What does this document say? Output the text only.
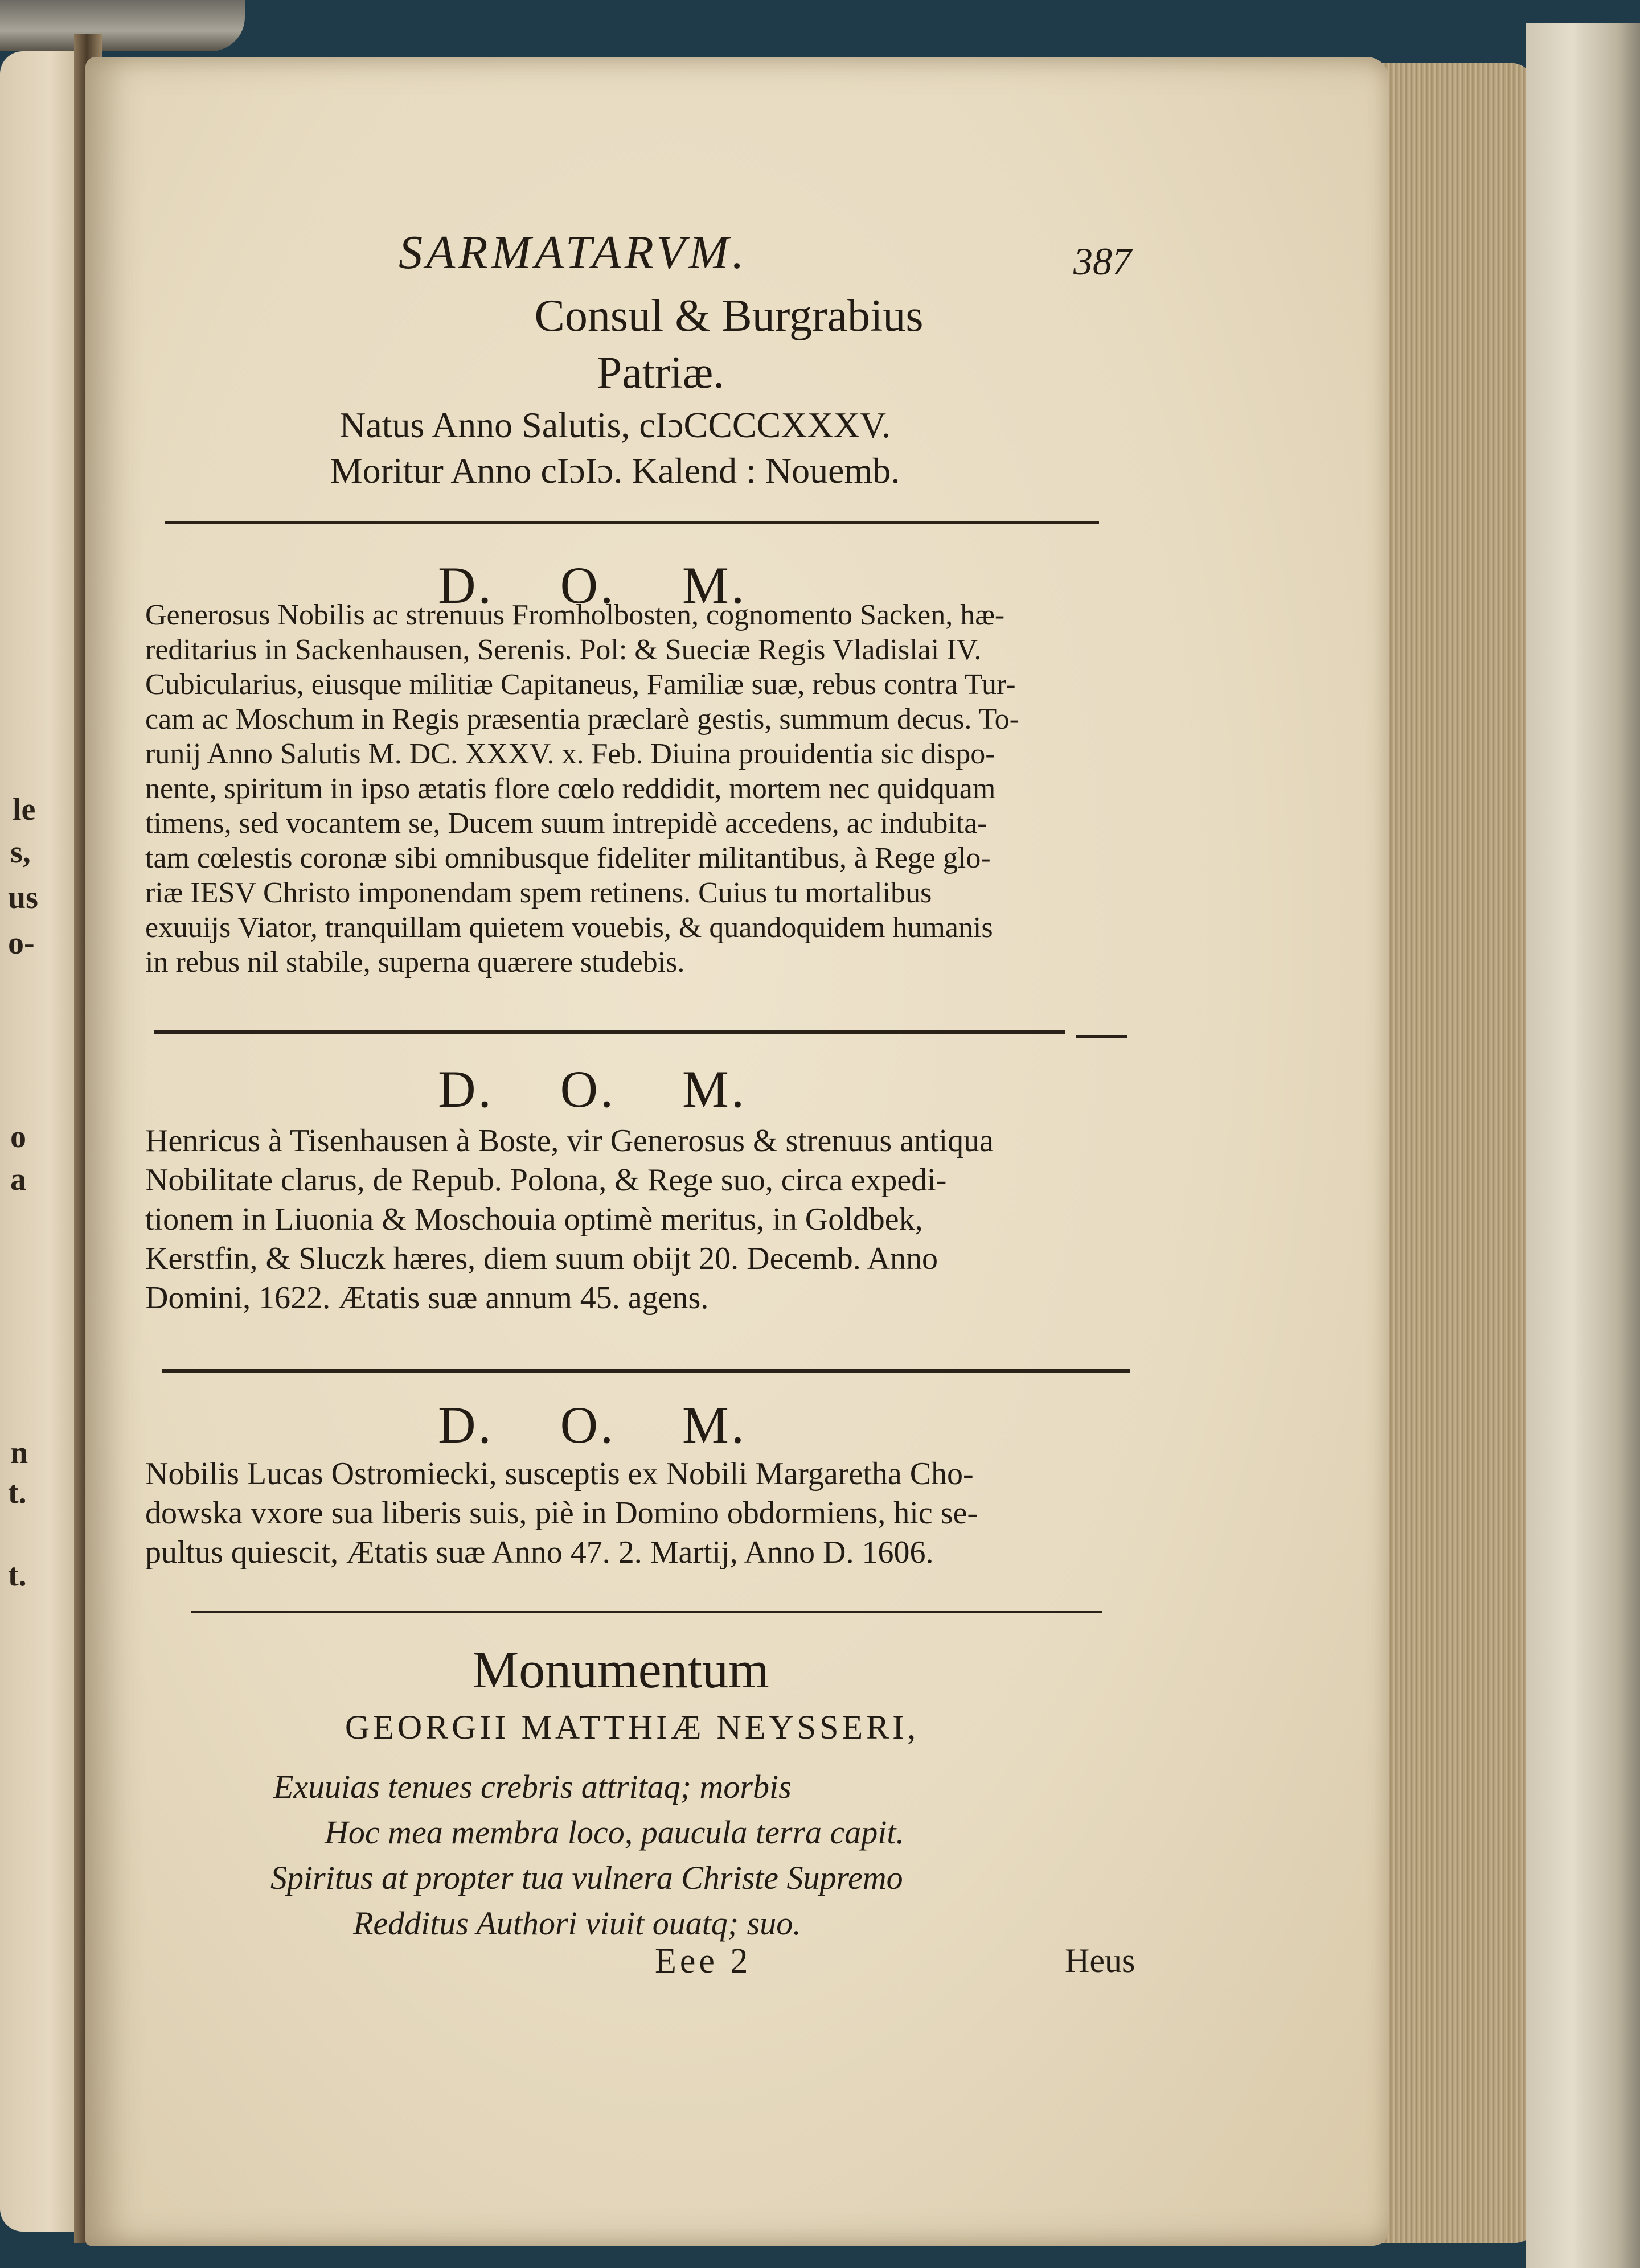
le
s,
us
o-
o
a
n
t.
t.
SARMATARVM.	387
Consul & Burgrabius
Patriæ.
Natus Anno Salutis, cIɔCCCCXXXV.
Moritur Anno cIɔIɔ. Kalend : Nouemb.
D. O. M.
Generosus Nobilis ac strenuus Fromholbosten, cognomento Sacken, hæ-
reditarius in Sackenhausen, Serenis. Pol: & Sueciæ Regis Vladislai IV.
Cubicularius, eiusque militiæ Capitaneus, Familiæ suæ, rebus contra Tur-
cam ac Moschum in Regis præsentia præclarè gestis, summum decus. To-
runij Anno Salutis M. DC. XXXV. x. Feb. Diuina prouidentia sic dispo-
nente, spiritum in ipso ætatis flore cœlo reddidit, mortem nec quidquam
timens, sed vocantem se, Ducem suum intrepidè accedens, ac indubita-
tam cœlestis coronæ sibi omnibusque fideliter militantibus, à Rege glo-
riæ IESV Christo imponendam spem retinens. Cuius tu mortalibus
exuuijs Viator, tranquillam quietem vouebis, & quandoquidem humanis
in rebus nil stabile, superna quærere studebis.
D. O. M.
Henricus à Tisenhausen à Boste, vir Generosus & strenuus antiqua
Nobilitate clarus, de Repub. Polona, & Rege suo, circa expedi-
tionem in Liuonia & Moschouia optimè meritus, in Goldbek,
Kerstfin, & Sluczk hæres, diem suum obijt 20. Decemb. Anno
Domini, 1622. Ætatis suæ annum 45. agens.
D. O. M.
Nobilis Lucas Ostromiecki, susceptis ex Nobili Margaretha Cho-
dowska vxore sua liberis suis, piè in Domino obdormiens, hic se-
pultus quiescit, Ætatis suæ Anno 47. 2. Martij, Anno D. 1606.
Monumentum
GEORGII MATTHIÆ NEYSSERI,
Exuuias tenues crebris attritaq; morbis
Hoc mea membra loco, paucula terra capit.
Spiritus at propter tua vulnera Christe Supremo
Redditus Authori viuit ouatq; suo.
Eee 2	Heus
